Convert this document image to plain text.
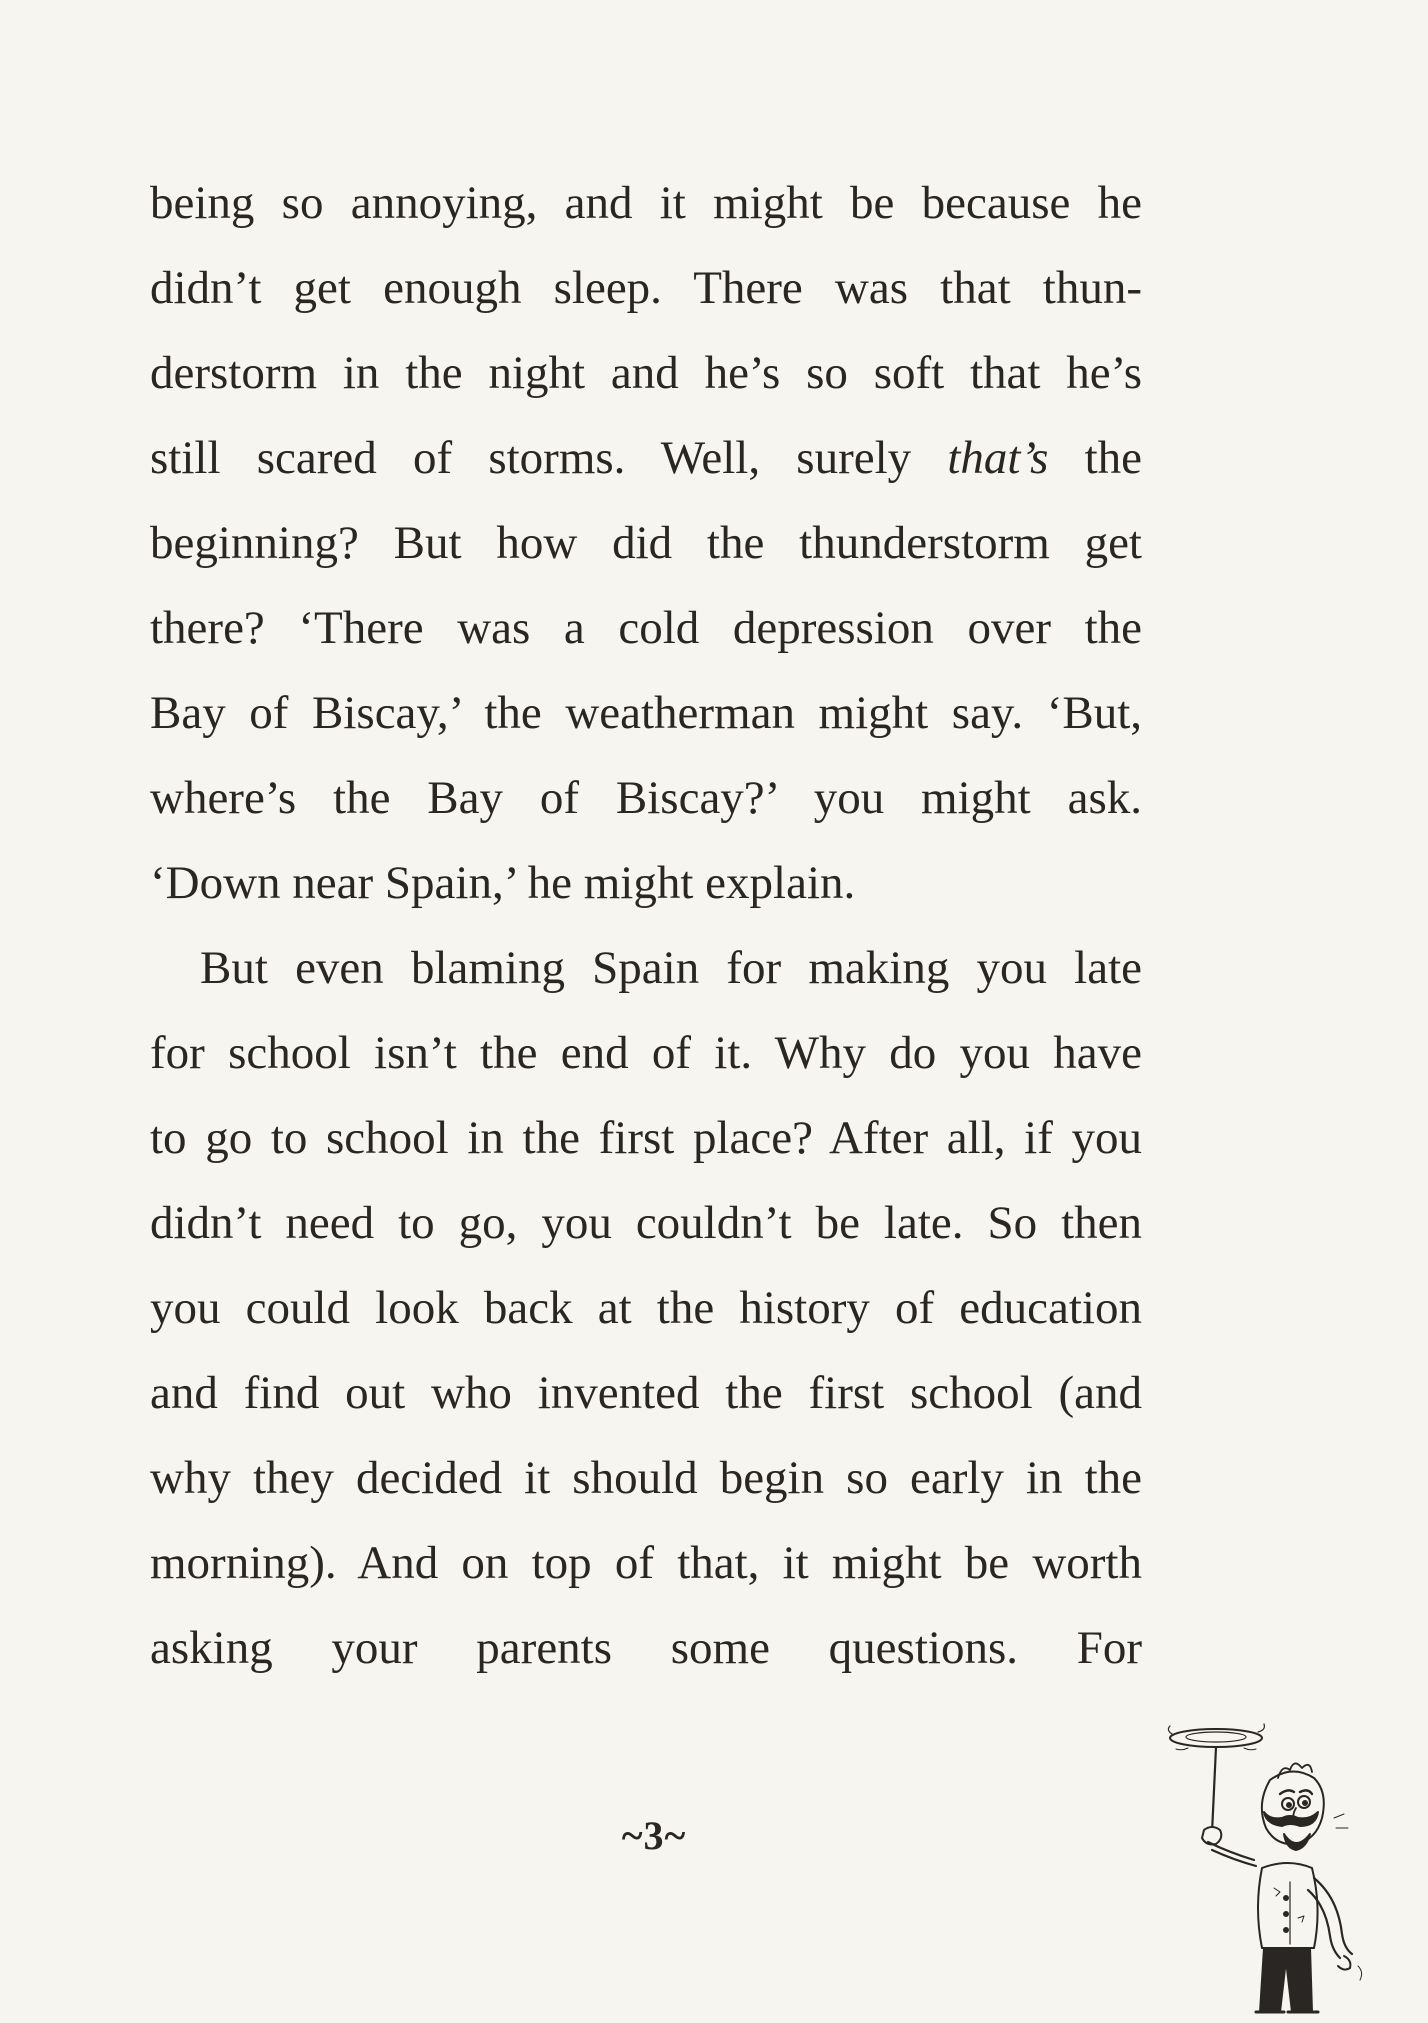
being so annoying, and it might be because he
didn’t get enough sleep. There was that thun-
derstorm in the night and he’s so soft that he’s
still scared of storms. Well, surely that’s the
beginning? But how did the thunderstorm get
there? ‘There was a cold depression over the
Bay of Biscay,’ the weatherman might say. ‘But,
where’s the Bay of Biscay?’ you might ask.
‘Down near Spain,’ he might explain.
But even blaming Spain for making you late
for school isn’t the end of it. Why do you have
to go to school in the first place? After all, if you
didn’t need to go, you couldn’t be late. So then
you could look back at the history of education
and find out who invented the first school (and
why they decided it should begin so early in the
morning). And on top of that, it might be worth
asking your parents some questions. For
~3~
